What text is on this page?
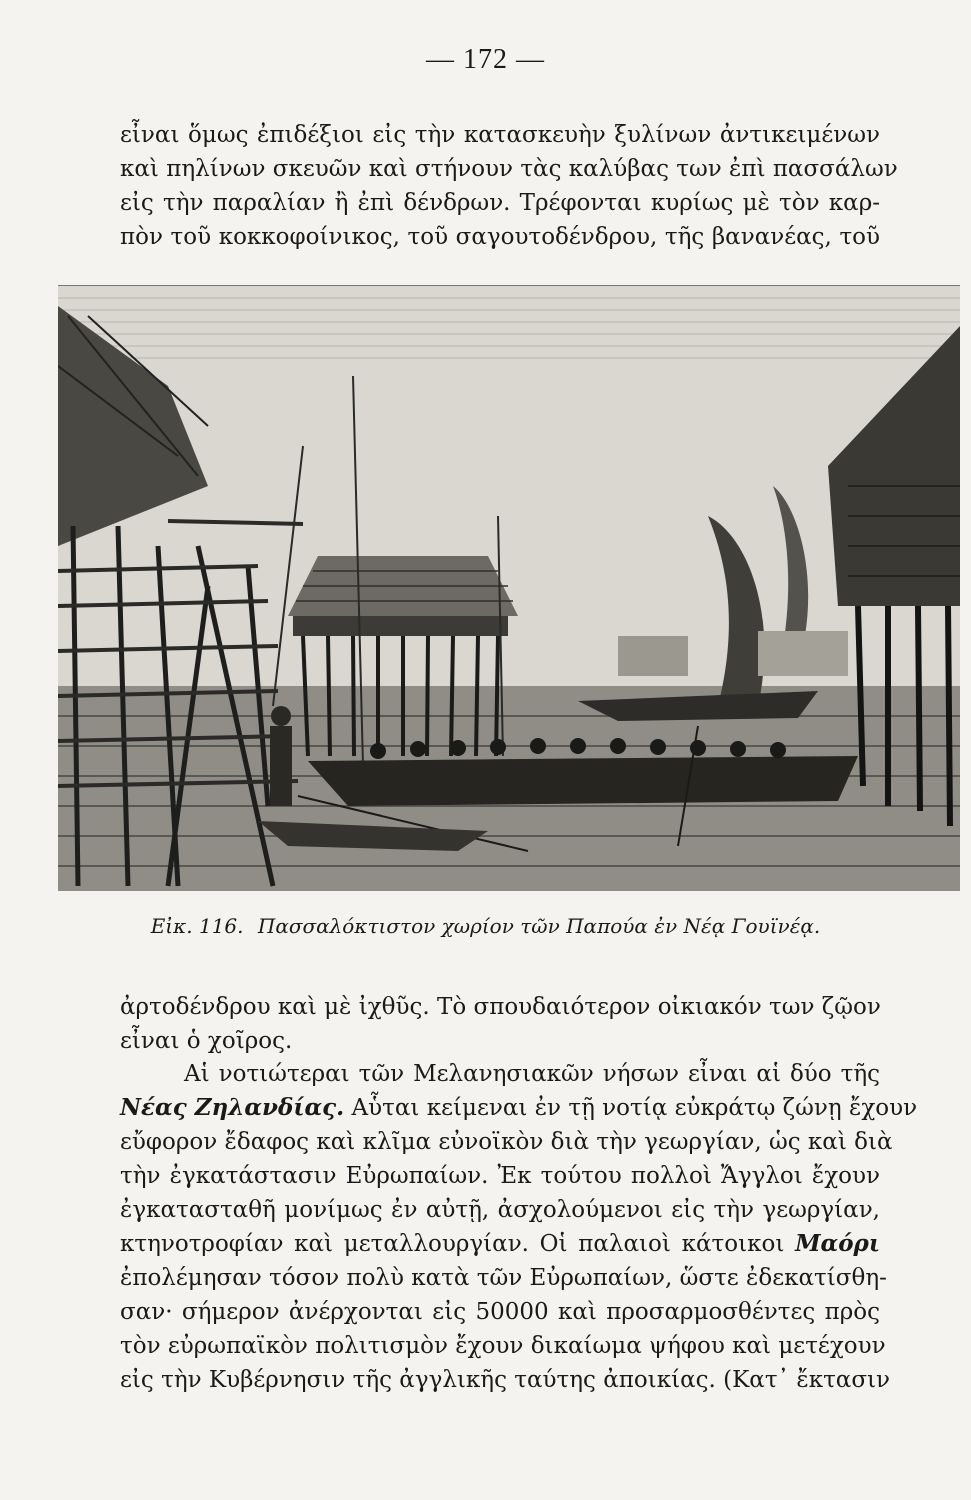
— 172 —
εἶναι ὅμως ἐπιδέξιοι εἰς τὴν κατασκευὴν ξυλίνων ἀντικειμένων
καὶ πηλίνων σκευῶν καὶ στήνουν τὰς καλύβας των ἐπὶ πασσάλων
εἰς τὴν παραλίαν ἢ ἐπὶ δένδρων. Τρέφονται κυρίως μὲ τὸν καρ-
πὸν τοῦ κοκκοφοίνικος, τοῦ σαγουτοδένδρου, τῆς βανανέας, τοῦ
Εἰκ. 116. Πασσαλόκτιστον χωρίον τῶν Παπούα ἐν Νέᾳ Γουϊνέᾳ.
ἀρτοδένδρου καὶ μὲ ἰχθῦς. Τὸ σπουδαιότερον οἰκιακόν των ζῷον
εἶναι ὁ χοῖρος.
Αἱ νοτιώτεραι τῶν Μελανησιακῶν νήσων εἶναι αἱ δύο τῆς
Νέας Ζηλανδίας. Αὗται κείμεναι ἐν τῇ νοτίᾳ εὐκράτῳ ζώνῃ ἔχουν
εὔφορον ἔδαφος καὶ κλῖμα εὐνοϊκὸν διὰ τὴν γεωργίαν, ὡς καὶ διὰ
τὴν ἐγκατάστασιν Εὐρωπαίων. Ἐκ τούτου πολλοὶ Ἄγγλοι ἔχουν
ἐγκατασταθῆ μονίμως ἐν αὐτῇ, ἀσχολούμενοι εἰς τὴν γεωργίαν,
κτηνοτροφίαν καὶ μεταλλουργίαν. Οἱ παλαιοὶ κάτοικοι Μαόρι
ἐπολέμησαν τόσον πολὺ κατὰ τῶν Εὐρωπαίων, ὥστε ἐδεκατίσθη-
σαν· σήμερον ἀνέρχονται εἰς 50000 καὶ προσαρμοσθέντες πρὸς
τὸν εὐρωπαϊκὸν πολιτισμὸν ἔχουν δικαίωμα ψήφου καὶ μετέχουν
εἰς τὴν Κυβέρνησιν τῆς ἀγγλικῆς ταύτης ἀποικίας. (Κατ᾽ ἔκτασιν
